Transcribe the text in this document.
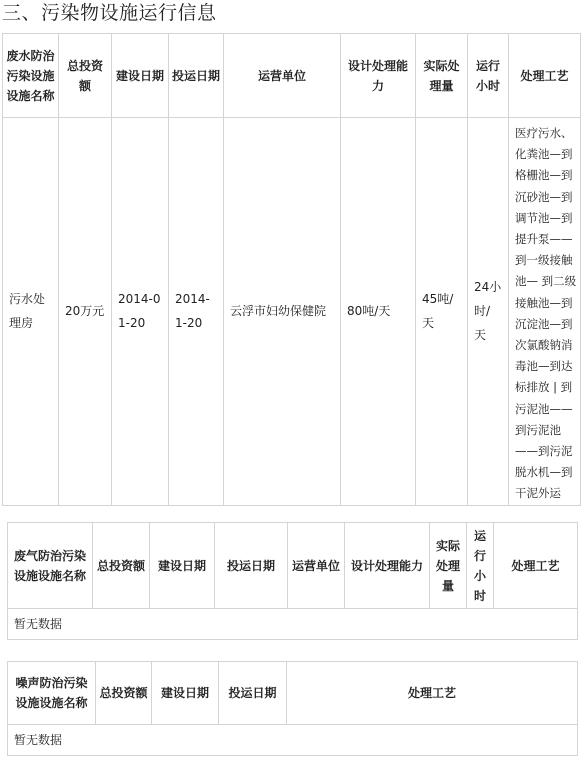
三、污染物设施运行信息
废水防治污染设施设施名称	总投资额	建设日期	投运日期	运营单位	设计处理能力	实际处理量	运行小时	处理工艺
污水处理房	20万元	2014-01-20	2014-1-20	云浮市妇幼保健院	80吨/天	45吨/天	24小时/天	医疗污水、化粪池—到格栅池—到沉砂池—到调节池—到提升泵——到一级接触池— 到二级接触池—到沉淀池—到次氯酸钠消毒池—到达标排放 | 到污泥池——到污泥池——到污泥脱水机—到干泥外运
废气防治污染设施设施名称	总投资额	建设日期	投运日期	运营单位	设计处理能力	实际处理量	运行小时	处理工艺
暂无数据
噪声防治污染设施设施名称	总投资额	建设日期	投运日期	处理工艺
暂无数据
